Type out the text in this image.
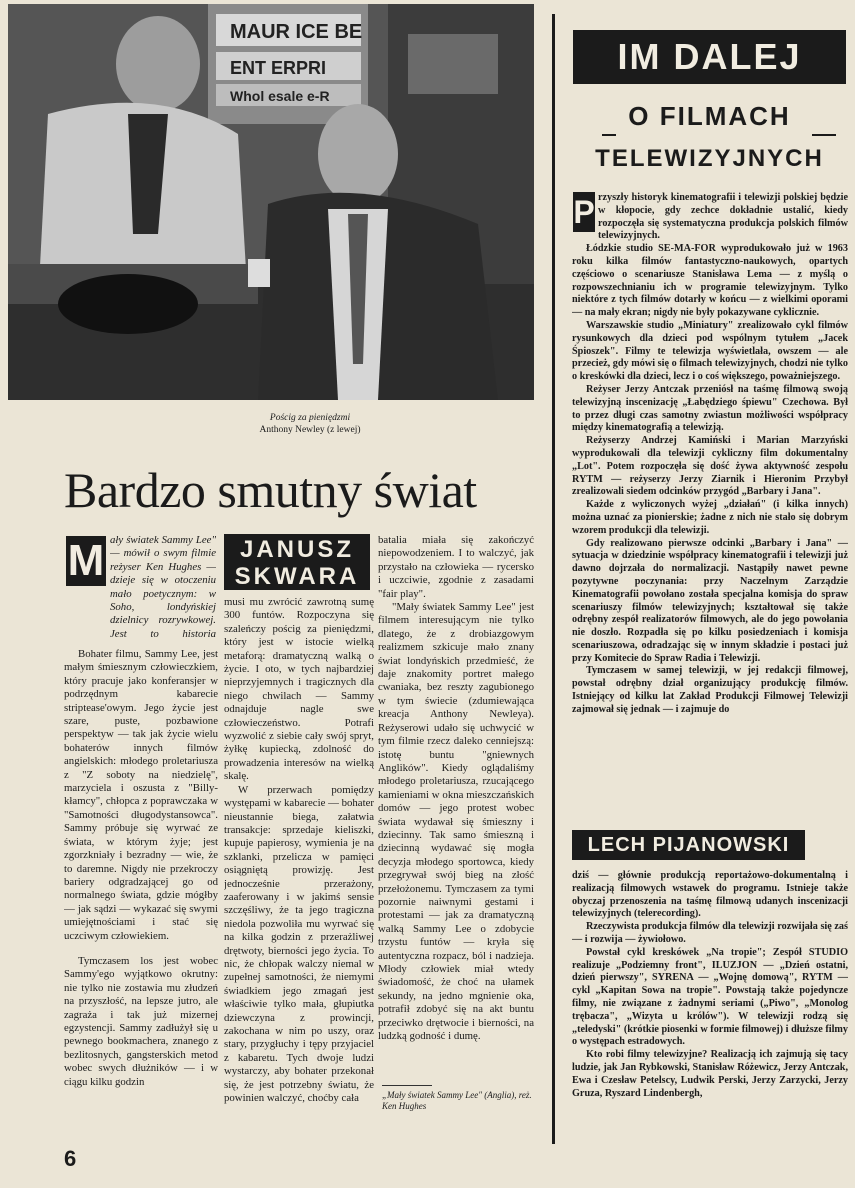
MAUR ICE BE
ENT ERPRI
Whol esale e-R
Pościg za pieniędzmi
Anthony Newley (z lewej)
Bardzo smutny świat
M ały światek Sammy Lee" — mówił o swym filmie reżyser Ken Hughes — dzieje się w otoczeniu mało poetycznym: w Soho, londyńskiej dzielnicy rozrywkowej. Jest to historia

JANUSZ SKWARA

Bohater filmu, Sammy Lee, jest małym śmiesznym człowieczkiem, który pracuje jako konferansjer w podrzędnym kabarecie striptease'owym. Jego życie jest szare, puste, pozbawione perspektyw — tak jak życie wielu bohaterów innych filmów angielskich: młodego proletariusza z "Z soboty na niedzielę", marzyciela i oszusta z "Billy-kłamcy", chłopca z poprawczaka w "Samotności długodystansowca". Sammy próbuje się wyrwać ze świata, w którym żyje; jest zgorzkniały i bezradny — wie, że to daremne. Nigdy nie przekroczy bariery odgradzającej go od normalnego świata, gdzie mógłby — jak sądzi — wykazać się swymi umiejętnościami i stać się uczciwym człowiekiem.

Tymczasem los jest wobec Sammy'ego wyjątkowo okrutny: nie tylko nie zostawia mu złudzeń na przyszłość, na lepsze jutro, ale zagraża i tak już mizernej egzystencji. Sammy zadłużył się u pewnego bookmachera, znanego z bezlitosnych, gangsterskich metod wobec swych dłużników — i w ciągu kilku godzin

musi mu zwrócić zawrotną sumę 300 funtów. Rozpoczyna się szaleńczy pościg za pieniędzmi, który jest w istocie wielką metaforą: dramatyczną walką o życie. I oto, w tych najbardziej nieprzyjemnych i tragicznych dla niego chwilach — Sammy odnajduje nagle swe człowieczeństwo. Potrafi wyzwolić z siebie cały swój spryt, żyłkę kupiecką, zdolność do prowadzenia interesów na wielką skalę.

W przerwach pomiędzy występami w kabarecie — bohater nieustannie biega, załatwia transakcje: sprzedaje kieliszki, kupuje papierosy, wymienia je na szklanki, przelicza w pamięci osiągniętą prowizję. Jest jednocześnie przerażony, zaaferowany i w jakimś sensie szczęśliwy, że ta jego tragiczna niedola pozwoliła mu wyrwać się na kilka godzin z przerażliwej drętwoty, bierności jego życia. To nic, że chłopak walczy niemal w zupełnej samotności, że niemymi świadkiem jego zmagań jest właściwie tylko mała, głupiutka dziewczyna z prowincji, zakochana w nim po uszy, oraz stary, przygłuchy i tępy przyjaciel z kabaretu. Tych dwoje ludzi wystarczy, aby bohater przekonał się, że jest potrzebny światu, że powinien walczyć, choćby cała

batalia miała się zakończyć niepowodzeniem. I to walczyć, jak przystało na człowieka — rycersko i uczciwie, zgodnie z zasadami "fair play".

"Mały światek Sammy Lee" jest filmem interesującym nie tylko dlatego, że z drobiazgowym realizmem szkicuje mało znany świat londyńskich przedmieść, że daje znakomity portret małego cwaniaka, bez reszty zagubionego w tym świecie (zdumiewająca kreacja Anthony Newleya). Reżyserowi udało się uchwycić w tym filmie rzecz daleko cenniejszą: istotę buntu "gniewnych Anglików". Kiedy oglądaliśmy młodego proletariusza, rzucającego kamieniami w okna mieszczańskich domów — jego protest wobec świata wydawał się śmieszny i dziecinny. Tak samo śmieszną i dziecinną wydawać się mogła decyzja młodego sportowca, kiedy przegrywał swój bieg na złość przełożonemu. Tymczasem za tymi pozornie naiwnymi gestami i protestami — jak za dramatyczną walką Sammy Lee o zdobycie trzystu funtów — kryła się autentyczna rozpacz, ból i nadzieja. Młody człowiek miał wtedy świadomość, że choć na ułamek sekundy, na jedno mgnienie oka, potrafił zdobyć się na akt buntu przeciwko drętwocie i bierności, na ludzką godność i dumę.

„Mały światek Sammy Lee" (Anglia), reż. Ken Hughes
6
IM DALEJ
O FILMACH
TELEWIZYJNYCH
P rzyszły historyk kinematografii i telewizji polskiej będzie w kłopocie, gdy zechce dokładnie ustalić, kiedy rozpoczęła się systematyczna produkcja polskich filmów telewizyjnych.

Łódzkie studio SE-MA-FOR wyprodukowało już w 1963 roku kilka filmów fantastyczno-naukowych, opartych częściowo o scenariusze Stanisława Lema — z myślą o rozpowszechnianiu ich w programie telewizyjnym. Tylko niektóre z tych filmów dotarły w końcu — z wielkimi oporami — na mały ekran; nigdy nie były pokazywane cyklicznie.

Warszawskie studio „Miniatury" zrealizowało cykl filmów rysunkowych dla dzieci pod wspólnym tytułem „Jacek Śpioszek". Filmy te telewizja wyświetlała, owszem — ale przecież, gdy mówi się o filmach telewizyjnych, chodzi nie tylko o kreskówki dla dzieci, lecz i o coś większego, poważniejszego.

Reżyser Jerzy Antczak przeniósł na taśmę filmową swoją telewizyjną inscenizację „Łabędziego śpiewu" Czechowa. Był to przez długi czas samotny zwiastun możliwości współpracy między kinematografią a telewizją.

Reżyserzy Andrzej Kamiński i Marian Marzyński wyprodukowali dla telewizji cykliczny film dokumentalny „Lot". Potem rozpoczęła się dość żywa aktywność zespołu RYTM — reżyserzy Jerzy Ziarnik i Hieronim Przybył zrealizowali siedem odcinków przygód „Barbary i Jana".

Każde z wyliczonych wyżej „działań" (i kilka innych) można uznać za pionierskie; żadne z nich nie stało się dobrym wzorem produkcji dla telewizji.

Gdy realizowano pierwsze odcinki „Barbary i Jana" — sytuacja w dziedzinie współpracy kinematografii i telewizji już dawno dojrzała do normalizacji. Nastąpiły nawet pewne pozytywne poczynania: przy Naczelnym Zarządzie Kinematografii powołano została specjalna komisja do spraw scenariuszy filmów telewizyjnych; kształtował się także odrębny zespół realizatorów filmowych, ale do jego powołania nie doszło. Rozpadła się po kilku posiedzeniach i komisja scenariuszowa, odradzając się w innym składzie i postaci już przy Komitecie do Spraw Radia i Telewizji.

Tymczasem w samej telewizji, w jej redakcji filmowej, powstał odrębny dział organizujący produkcję filmów. Istniejący od kilku lat Zakład Produkcji Filmowej Telewizji zajmował się jednak — i zajmuje do

LECH PIJANOWSKI

dziś — głównie produkcją reportażowo-dokumentalną i realizacją filmowych wstawek do programu. Istnieje także obyczaj przenoszenia na taśmę filmową udanych inscenizacji telewizyjnych (telerecording).

Rzeczywista produkcja filmów dla telewizji rozwijała się zaś — i rozwija — żywiołowo.

Powstał cykl kreskówek „Na tropie"; Zespół STUDIO realizuje „Podziemny front", ILUZJON — „Dzień ostatni, dzień pierwszy", SYRENA — „Wojnę domową", RYTM — cykl „Kapitan Sowa na tropie". Powstają także pojedyncze filmy, nie związane z żadnymi seriami („Piwo", „Monolog trębacza", „Wizyta u królów"). W telewizji rodzą się „teledyski" (krótkie piosenki w formie filmowej) i dłuższe filmy o występach estradowych.

Kto robi filmy telewizyjne? Realizacją ich zajmują się tacy ludzie, jak Jan Rybkowski, Stanisław Różewicz, Jerzy Antczak, Ewa i Czesław Petelscy, Ludwik Perski, Jerzy Zarzycki, Jerzy Gruza, Ryszard Lindenbergh,
